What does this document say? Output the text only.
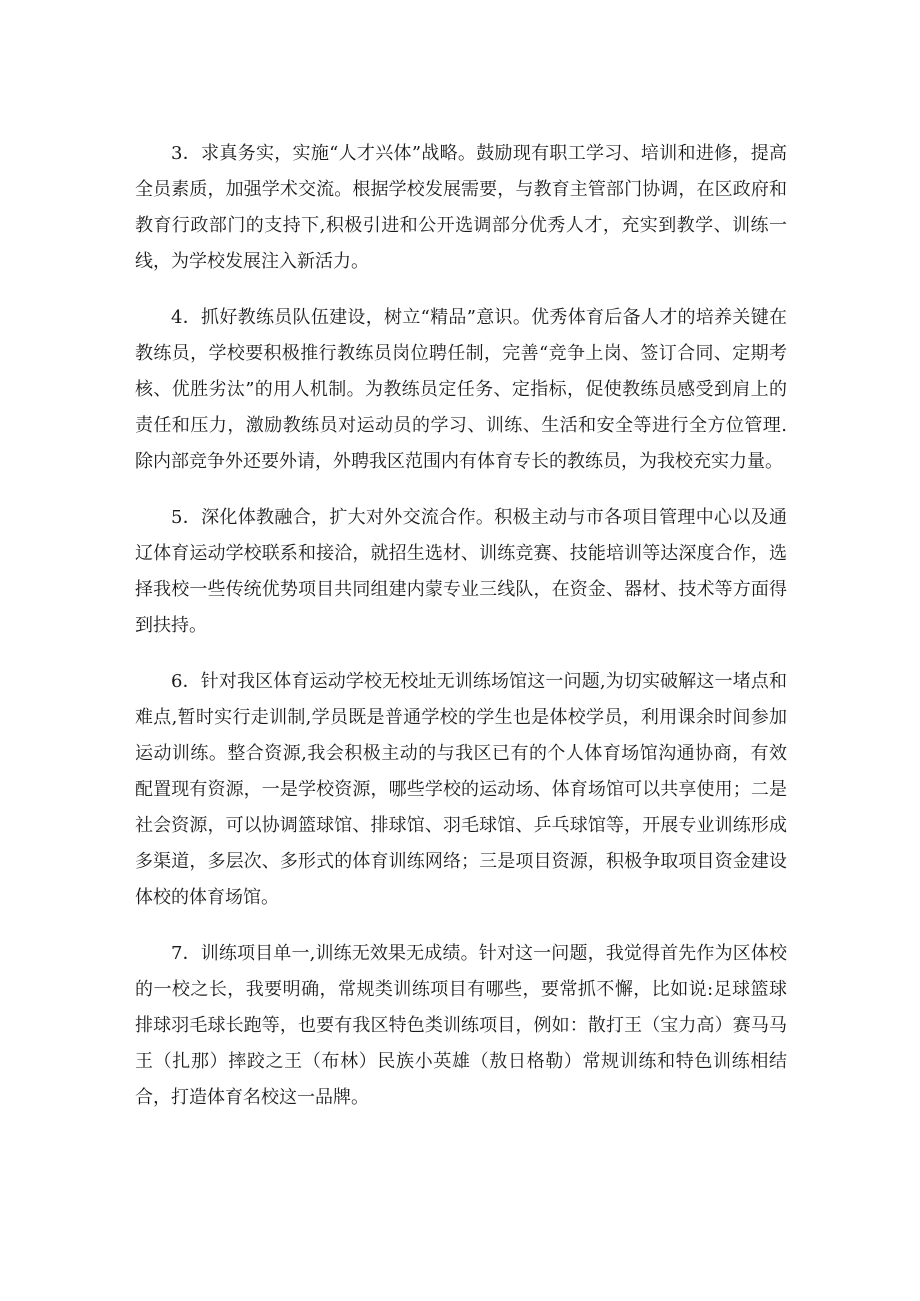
3．求真务实，实施“人才兴体”战略。鼓励现有职工学习、培训和进修，提高全员素质，加强学术交流。根据学校发展需要，与教育主管部门协调，在区政府和教育行政部门的支持下,积极引进和公开选调部分优秀人才，充实到教学、训练一线，为学校发展注入新活力。

4．抓好教练员队伍建设，树立“精品”意识。优秀体育后备人才的培养关键在教练员，学校要积极推行教练员岗位聘任制，完善“竞争上岗、签订合同、定期考核、优胜劣汰”的用人机制。为教练员定任务、定指标，促使教练员感受到肩上的责任和压力，激励教练员对运动员的学习、训练、生活和安全等进行全方位管理.除内部竞争外还要外请，外聘我区范围内有体育专长的教练员，为我校充实力量。

5．深化体教融合，扩大对外交流合作。积极主动与市各项目管理中心以及通辽体育运动学校联系和接洽，就招生选材、训练竞赛、技能培训等达深度合作，选择我校一些传统优势项目共同组建内蒙专业三线队，在资金、器材、技术等方面得到扶持。

6．针对我区体育运动学校无校址无训练场馆这一问题,为切实破解这一堵点和难点,暂时实行走训制,学员既是普通学校的学生也是体校学员，利用课余时间参加运动训练。整合资源,我会积极主动的与我区已有的个人体育场馆沟通协商，有效配置现有资源，一是学校资源，哪些学校的运动场、体育场馆可以共享使用；二是社会资源，可以协调篮球馆、排球馆、羽毛球馆、乒乓球馆等，开展专业训练形成多渠道，多层次、多形式的体育训练网络；三是项目资源，积极争取项目资金建设体校的体育场馆。

7．训练项目单一,训练无效果无成绩。针对这一问题，我觉得首先作为区体校的一校之长，我要明确，常规类训练项目有哪些，要常抓不懈，比如说:足球篮球排球羽毛球长跑等，也要有我区特色类训练项目，例如：散打王（宝力高）赛马马王（扎那）摔跤之王（布林）民族小英雄（敖日格勒）常规训练和特色训练相结合，打造体育名校这一品牌。
